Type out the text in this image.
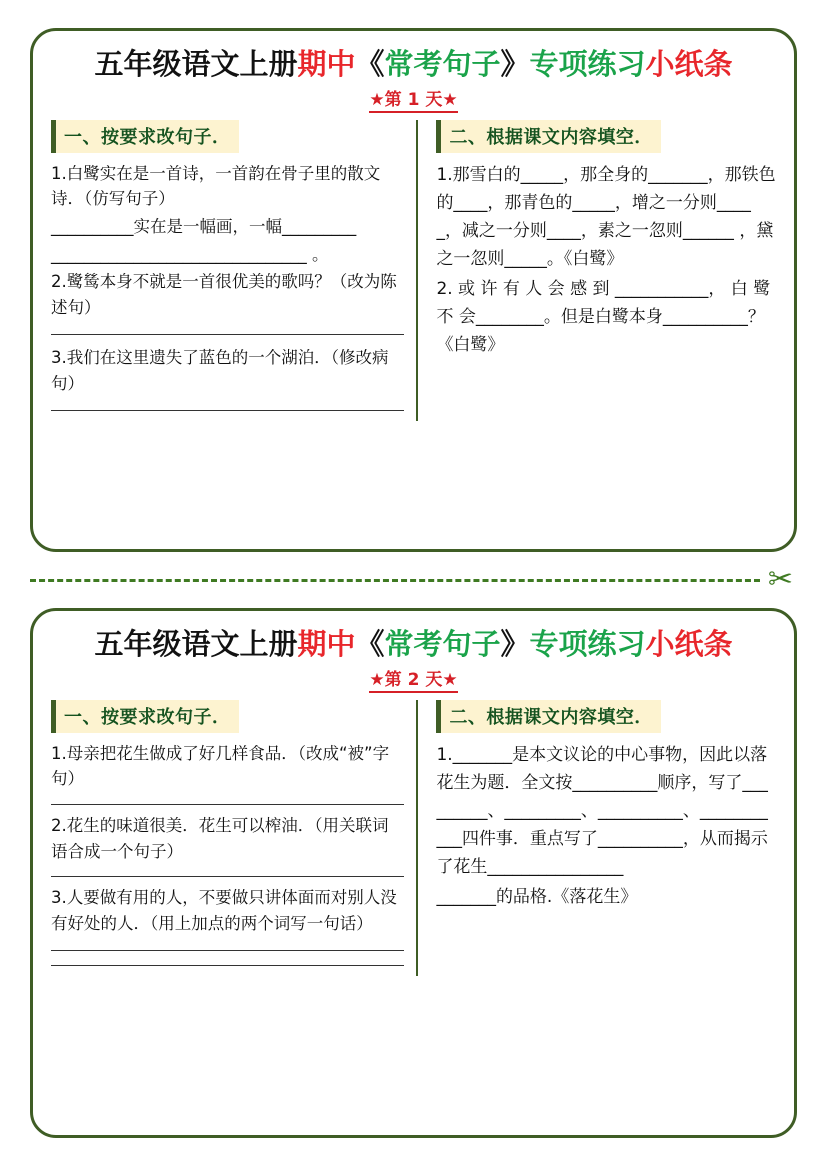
五年级语文上册 期中 《 常考句子 》 专项练习 小纸条
★第 1 天★
一、按要求改句子．

1.白鹭实在是一首诗，一首韵在骨子里的散文诗．（仿写句子）

__________实在是一幅画，一幅_________

_______________________________ 。

2.鹭鸶本身不就是一首很优美的歌吗？（改为陈述句）

3.我们在这里遗失了蓝色的一个湖泊．（修改病句）

二、根据课文内容填空．

1.那雪白的_____，那全身的_______，那铁色的____，那青色的_____，增之一分则_____，减之一分则____，素之一忽则______ ，黛之一忽则_____。《白鹭》

2. 或 许 有 人 会 感 到 ___________， 白 鹭 不 会________。但是白鹭本身__________？《白鹭》

✂
五年级语文上册 期中 《 常考句子 》 专项练习 小纸条
★第 2 天★
一、按要求改句子．

1.母亲把花生做成了好几样食品．（改成“被”字句）

2.花生的味道很美．花生可以榨油．（用关联词语合成一个句子）

3.人要做有用的人，不要做只讲体面而对别人没有好处的人．（用上加点的两个词写一句话）

二、根据课文内容填空．

1._______是本文议论的中心事物，因此以落花生为题．全文按__________顺序，写了_________、_________、__________、___________四件事．重点写了__________，从而揭示了花生________________

_______的品格.《落花生》
